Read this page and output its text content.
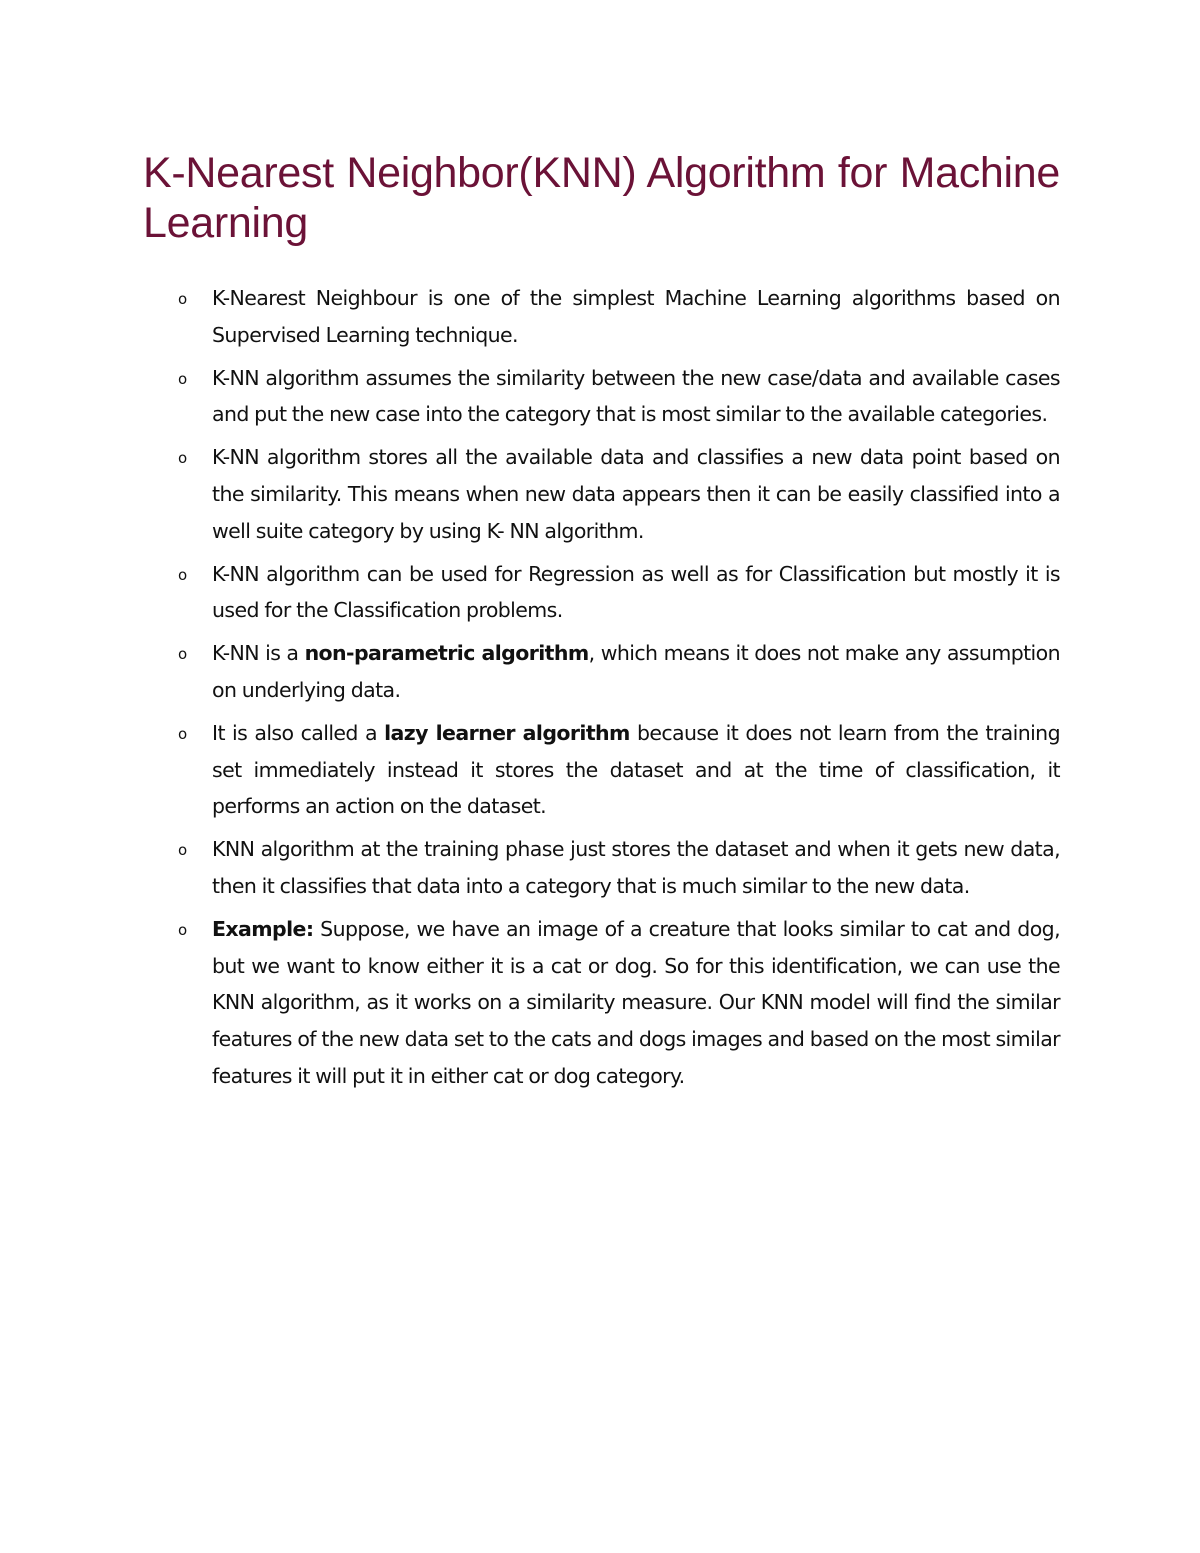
K-Nearest Neighbor(KNN) Algorithm for Machine Learning
o K-Nearest Neighbour is one of the simplest Machine Learning algorithms based on Supervised Learning technique.
o K-NN algorithm assumes the similarity between the new case/data and available cases and put the new case into the category that is most similar to the available categories.
o K-NN algorithm stores all the available data and classifies a new data point based on the similarity. This means when new data appears then it can be easily classified into a well suite category by using K- NN algorithm.
o K-NN algorithm can be used for Regression as well as for Classification but mostly it is used for the Classification problems.
o K-NN is a non-parametric algorithm, which means it does not make any assumption on underlying data.
o It is also called a lazy learner algorithm because it does not learn from the training set immediately instead it stores the dataset and at the time of classification, it performs an action on the dataset.
o KNN algorithm at the training phase just stores the dataset and when it gets new data, then it classifies that data into a category that is much similar to the new data.
o Example: Suppose, we have an image of a creature that looks similar to cat and dog, but we want to know either it is a cat or dog. So for this identification, we can use the KNN algorithm, as it works on a similarity measure. Our KNN model will find the similar features of the new data set to the cats and dogs images and based on the most similar features it will put it in either cat or dog category.
